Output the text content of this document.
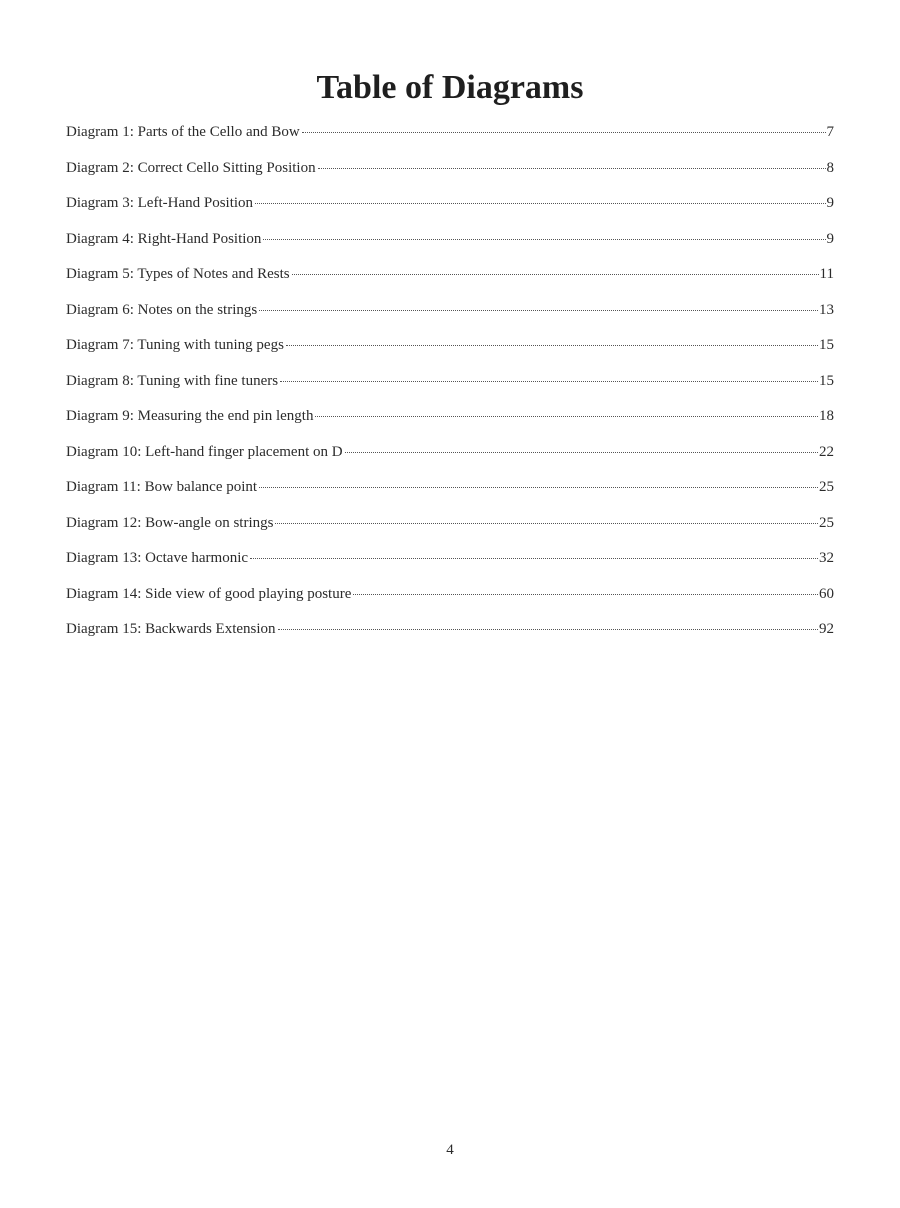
Table of Diagrams
Diagram 1: Parts of the Cello and Bow	7
Diagram 2: Correct Cello Sitting Position	8
Diagram 3: Left-Hand Position	9
Diagram 4: Right-Hand Position	9
Diagram 5: Types of Notes and Rests	11
Diagram 6: Notes on the strings	13
Diagram 7: Tuning with tuning pegs	15
Diagram 8: Tuning with fine tuners	15
Diagram 9: Measuring the end pin length	18
Diagram 10: Left-hand finger placement on D	22
Diagram 11: Bow balance point	25
Diagram 12: Bow-angle on strings	25
Diagram 13: Octave harmonic	32
Diagram 14: Side view of good playing posture	60
Diagram 15: Backwards Extension	92
4
